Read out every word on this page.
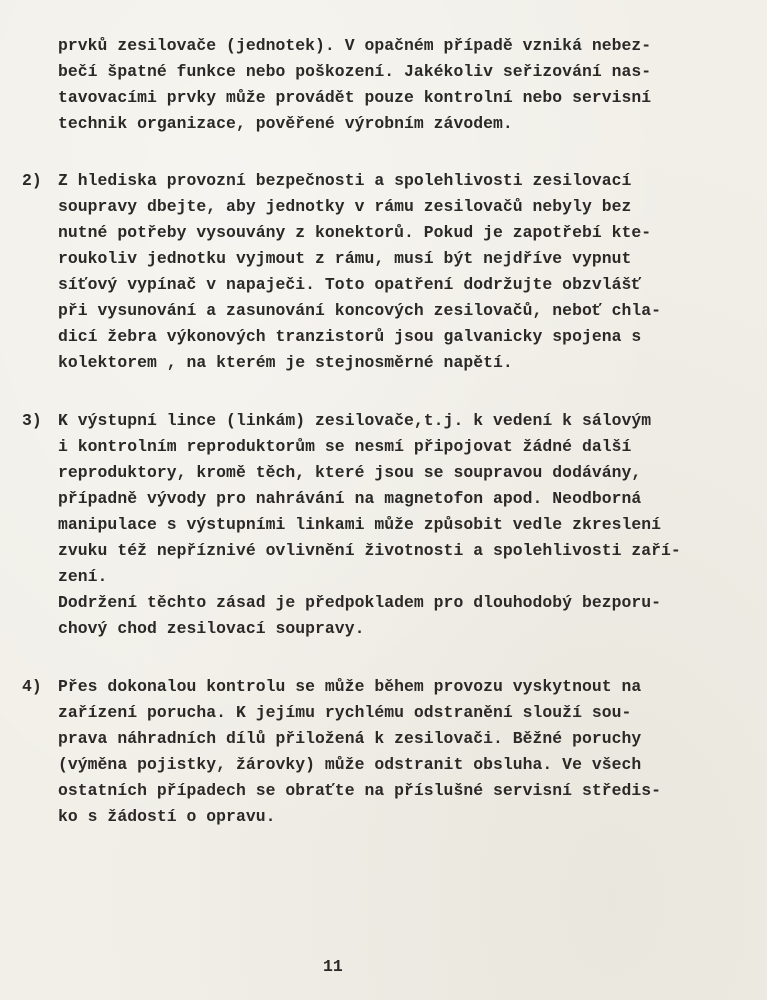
prvků zesilovače (jednotek). V opačném případě vzniká nebez-
bečí špatné funkce nebo poškození. Jakékoliv seřizování nas-
tavovacími prvky může provádět pouze kontrolní nebo servisní
technik organizace, pověřené výrobním závodem.
2) Z hlediska provozní bezpečnosti a spolehlivosti zesilovací
soupravy dbejte, aby jednotky v rámu zesilovačů nebyly bez
nutné potřeby vysouvány z konektorů. Pokud je zapotřebí kte-
roukoliv jednotku vyjmout z rámu, musí být nejdříve vypnut
síťový vypínač v napaječi. Toto opatření dodržujte obzvlášť
při vysunování a zasunování koncových zesilovačů, neboť chla-
dicí žebra výkonových tranzistorů jsou galvanicky spojena s
kolektorem , na kterém je stejnosměrné napětí.
3) K výstupní lince (linkám) zesilovače,t.j. k vedení k sálovým
i kontrolním reproduktorům se nesmí připojovat žádné další
reproduktory, kromě těch, které jsou se soupravou dodávány,
případně vývody pro nahrávání na magnetofon apod. Neodborná
manipulace s výstupními linkami může způsobit vedle zkreslení
zvuku též nepříznivé ovlivnění životnosti a spolehlivosti zaří-
zení.
Dodržení těchto zásad je předpokladem pro dlouhodobý bezporu-
chový chod zesilovací soupravy.
4) Přes dokonalou kontrolu se může během provozu vyskytnout na
zařízení porucha. K jejímu rychlému odstranění slouží sou-
prava náhradních dílů přiložená k zesilovači. Běžné poruchy
(výměna pojistky, žárovky) může odstranit obsluha. Ve všech
ostatních případech se obraťte na příslušné servisní středis-
ko s žádostí o opravu.
11
